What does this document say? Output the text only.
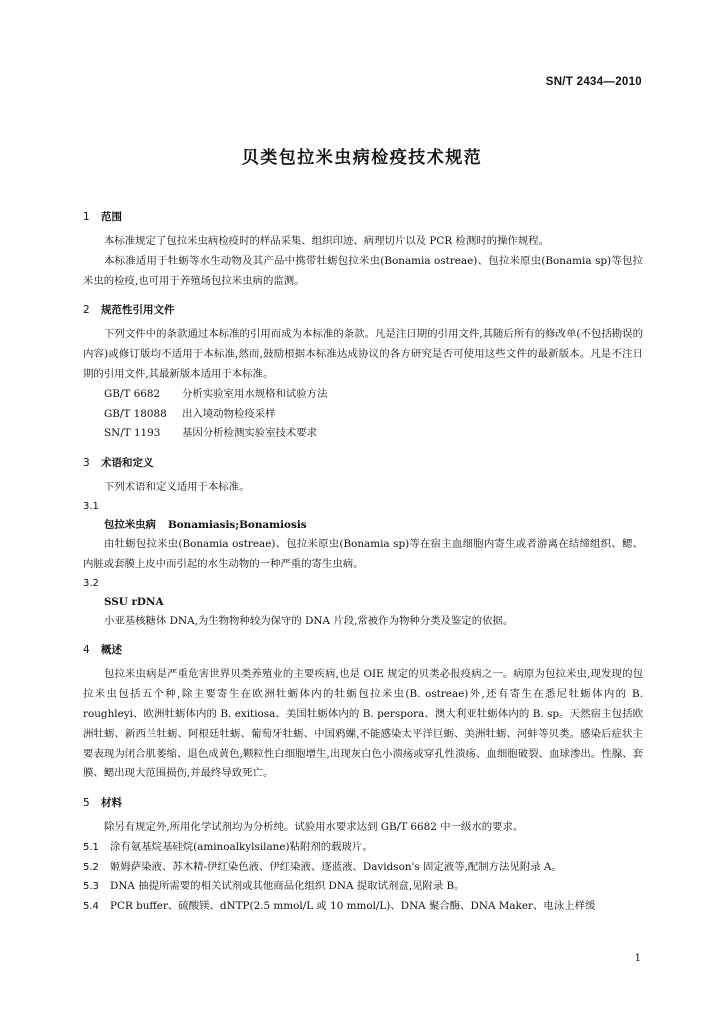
SN/T 2434—2010
贝类包拉米虫病检疫技术规范
1 范围
本标准规定了包拉米虫病检疫时的样品采集、组织印迹、病理切片以及 PCR 检测时的操作规程。
本标准适用于牡蛎等水生动物及其产品中携带牡蛎包拉米虫(Bonamia ostreae)、包拉米原虫(Bonamia sp)等包拉米虫的检疫,也可用于养殖场包拉米虫病的监测。
2 规范性引用文件
下列文件中的条款通过本标准的引用而成为本标准的条款。凡是注日期的引用文件,其随后所有的修改单(不包括勘误的内容)或修订版均不适用于本标准,然而,鼓励根据本标准达成协议的各方研究是否可使用这些文件的最新版本。凡是不注日期的引用文件,其最新版本适用于本标准。
GB/T 6682 分析实验室用水规格和试验方法
GB/T 18088 出入境动物检疫采样
SN/T 1193 基因分析检测实验室技术要求
3 术语和定义
下列术语和定义适用于本标准。
3.1
包拉米虫病 Bonamiasis;Bonamiosis
由牡蛎包拉米虫(Bonamia ostreae)、包拉米原虫(Bonamia sp)等在宿主血细胞内寄生或者游离在结缔组织、鳃、内脏或套膜上皮中而引起的水生动物的一种严重的寄生虫病。
3.2
SSU rDNA
小亚基核糖体 DNA,为生物物种较为保守的 DNA 片段,常被作为物种分类及鉴定的依据。
4 概述
包拉米虫病是严重危害世界贝类养殖业的主要疾病,也是 OIE 规定的贝类必报疫病之一。病原为包拉米虫,现发现的包拉米虫包括五个种,除主要寄生在欧洲牡蛎体内的牡蛎包拉米虫(B. ostreae)外,还有寄生在悉尼牡蛎体内的 B. roughleyi、欧洲牡蛎体内的 B. exitiosa、美国牡蛎体内的 B. perspora、澳大利亚牡蛎体内的 B. sp。天然宿主包括欧洲牡蛎、新西兰牡蛎、阿根廷牡蛎、葡萄牙牡蛎、中国鸦螺,不能感染太平洋巨蛎、美洲牡蛎、河蚌等贝类。感染后症状主要表现为闭合肌萎缩、退色成黄色,颗粒性白细胞增生,出现灰白色小溃疡或穿孔性溃疡、血细胞破裂、血球渗出。性腺、套膜、鳃出现大范围损伤,并最终导致死亡。
5 材料
除另有规定外,所用化学试剂均为分析纯。试验用水要求达到 GB/T 6682 中一级水的要求。
5.1 涂有氨基烷基硅烷(aminoalkylsilane)粘附剂的载玻片。
5.2 姬姆萨染液、苏木精-伊红染色液、伊红染液、逐蓝液、Davidson's 固定液等,配制方法见附录 A。
5.3 DNA 抽提所需要的相关试剂或其他商品化组织 DNA 提取试剂盒,见附录 B。
5.4 PCR buffer、硫酸镁、dNTP(2.5 mmol/L 或 10 mmol/L)、DNA 聚合酶、DNA Maker、电泳上样缓
1
